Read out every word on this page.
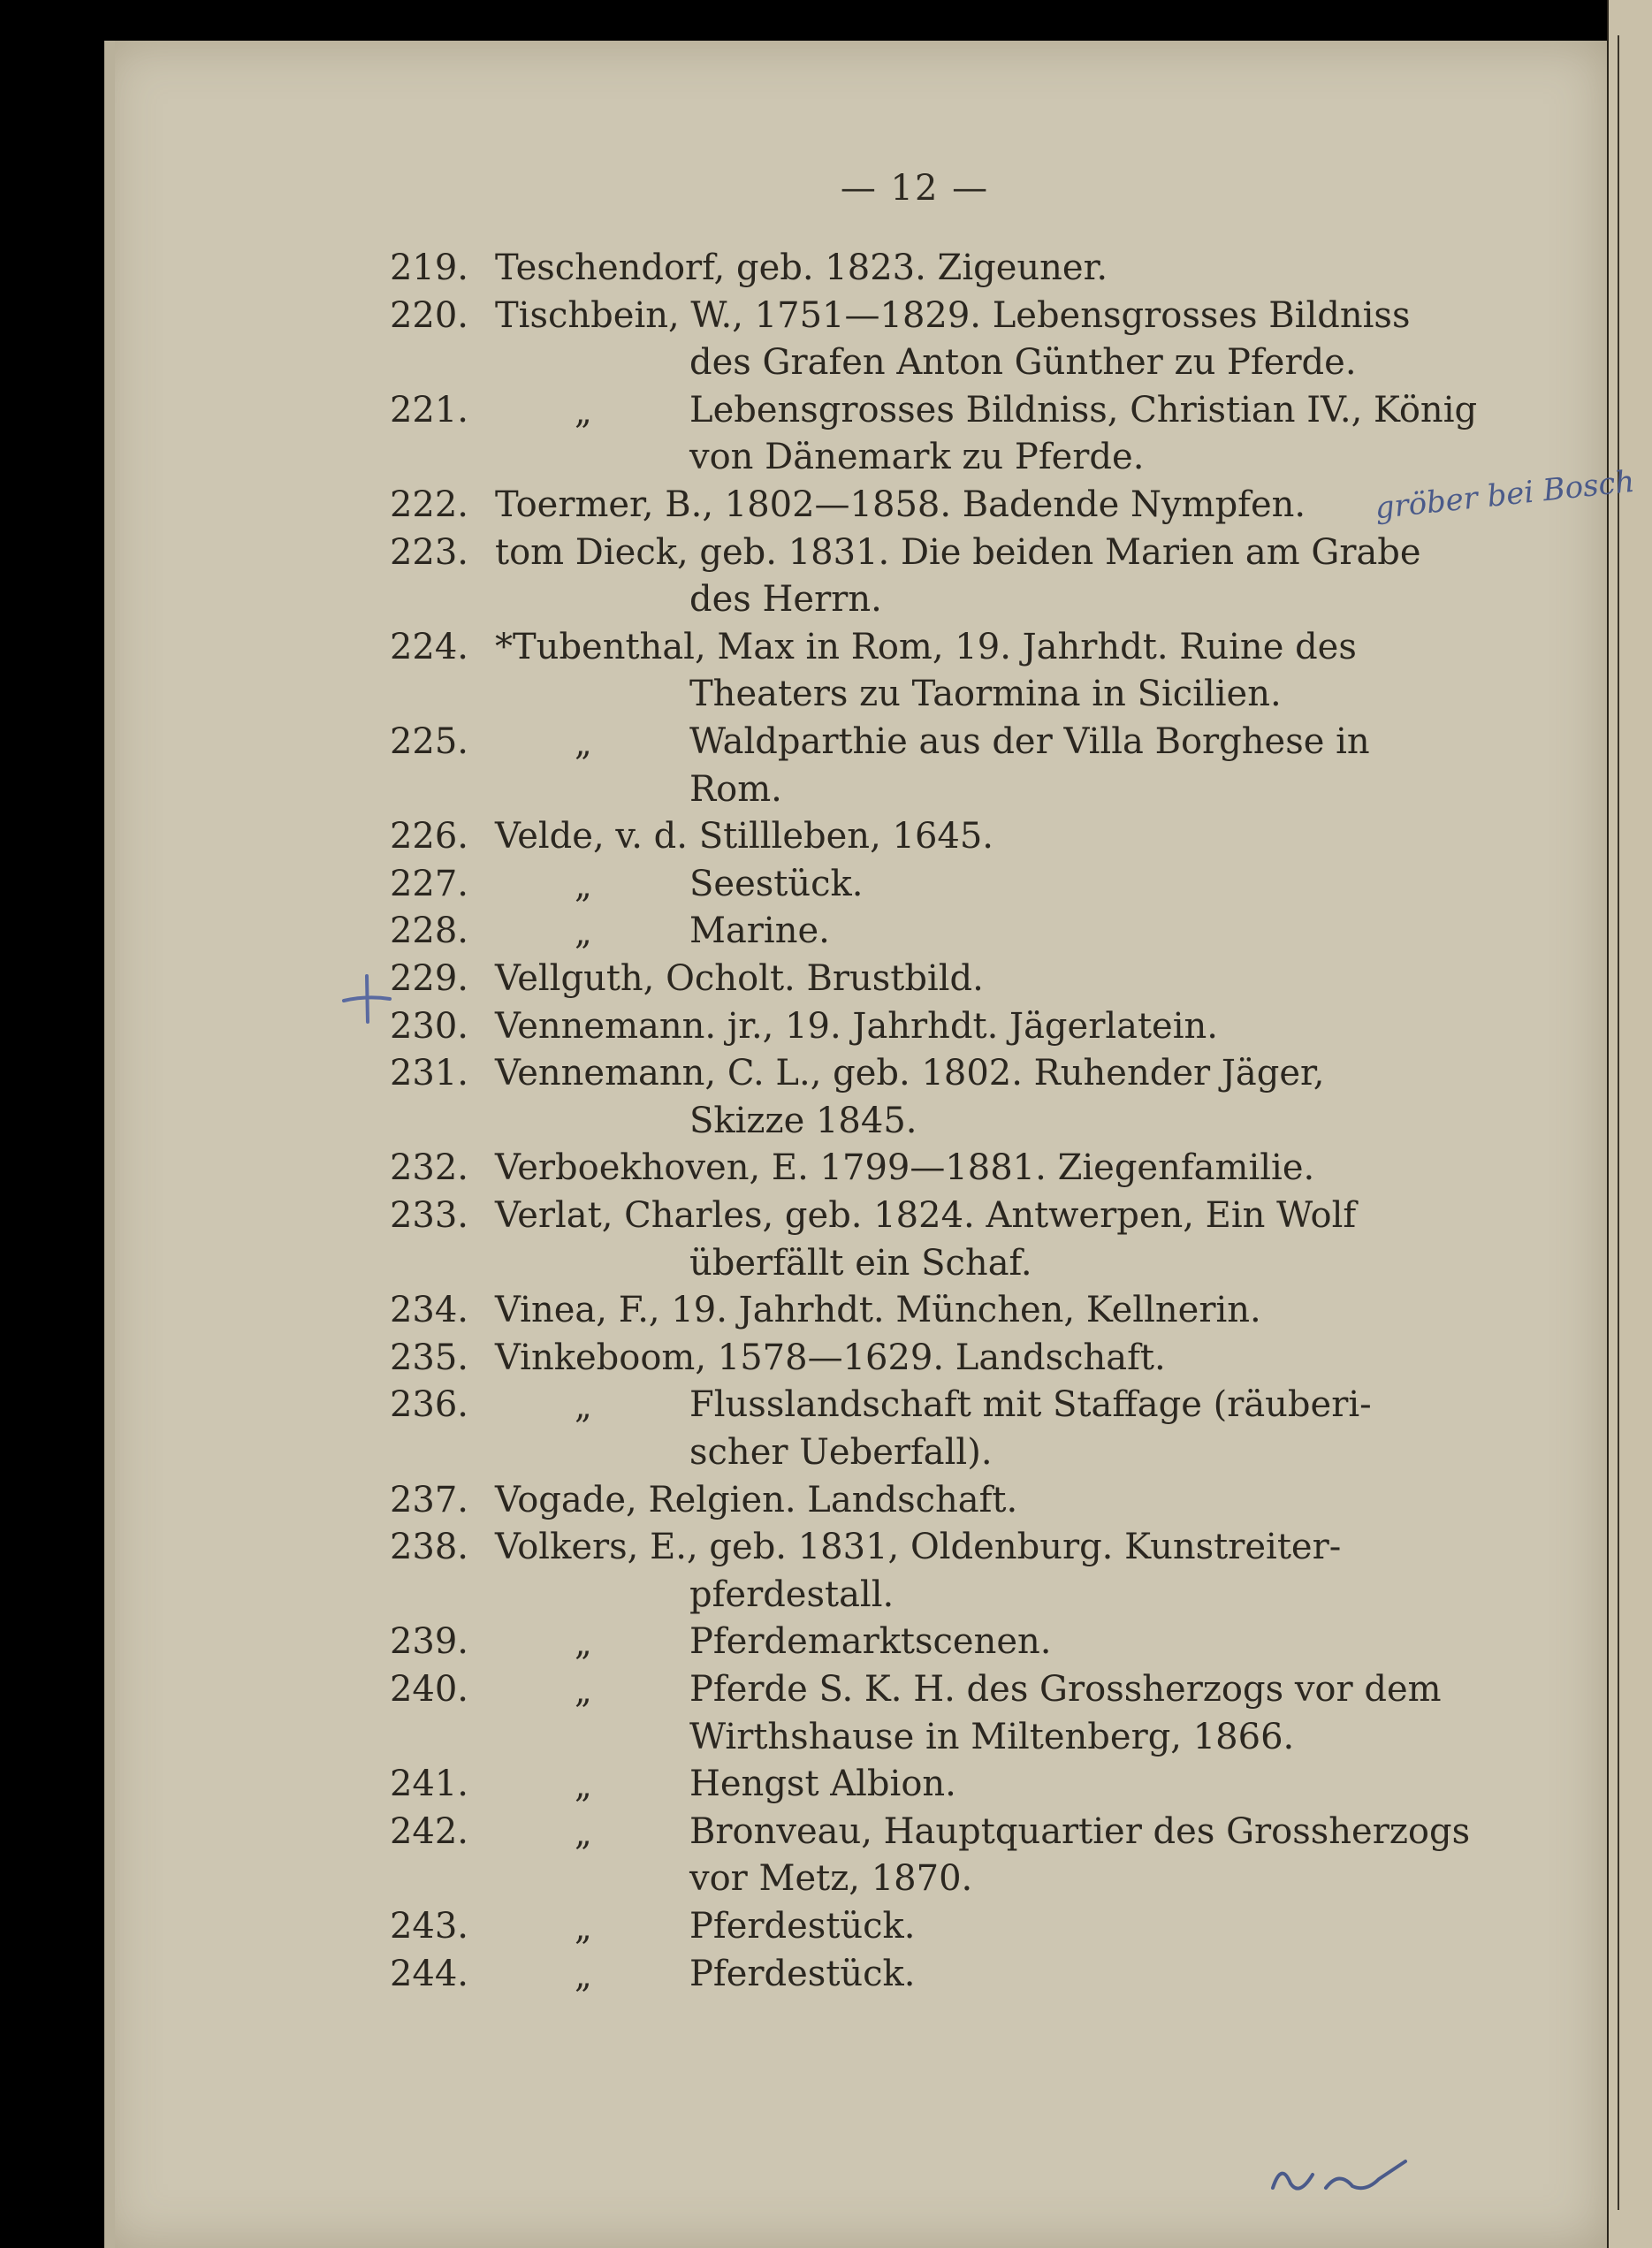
— 12 —
219. Teschendorf, geb. 1823. Zigeuner.
220. Tischbein, W., 1751—1829. Lebensgrosses Bildniss
des Grafen Anton Günther zu Pferde.
221.	„	Lebensgrosses Bildniss, Christian IV., König
von Dänemark zu Pferde.
222. Toermer, B., 1802—1858. Badende Nympfen.
223. tom Dieck, geb. 1831. Die beiden Marien am Grabe
des Herrn.
224. *Tubenthal, Max in Rom, 19. Jahrhdt. Ruine des
Theaters zu Taormina in Sicilien.
225.	„	Waldparthie aus der Villa Borghese in
Rom.
226. Velde, v. d. Stillleben, 1645.
227.	„	Seestück.
228.	„	Marine.
229. Vellguth, Ocholt. Brustbild.
230. Vennemann. jr., 19. Jahrhdt. Jägerlatein.
231. Vennemann, C. L., geb. 1802. Ruhender Jäger,
Skizze 1845.
232. Verboekhoven, E. 1799—1881. Ziegenfamilie.
233. Verlat, Charles, geb. 1824. Antwerpen, Ein Wolf
überfällt ein Schaf.
234. Vinea, F., 19. Jahrhdt. München, Kellnerin.
235. Vinkeboom, 1578—1629. Landschaft.
236.	„	Flusslandschaft mit Staffage (räuberi-
scher Ueberfall).
237. Vogade, Relgien. Landschaft.
238. Volkers, E., geb. 1831, Oldenburg. Kunstreiter-
pferdestall.
239.	„	Pferdemarktscenen.
240.	„	Pferde S. K. H. des Grossherzogs vor dem
Wirthshause in Miltenberg, 1866.
241.	„	Hengst Albion.
242.	„	Bronveau, Hauptquartier des Grossherzogs
vor Metz, 1870.
243.	„	Pferdestück.
244.	„	Pferdestück.
gröber bei Bosch
